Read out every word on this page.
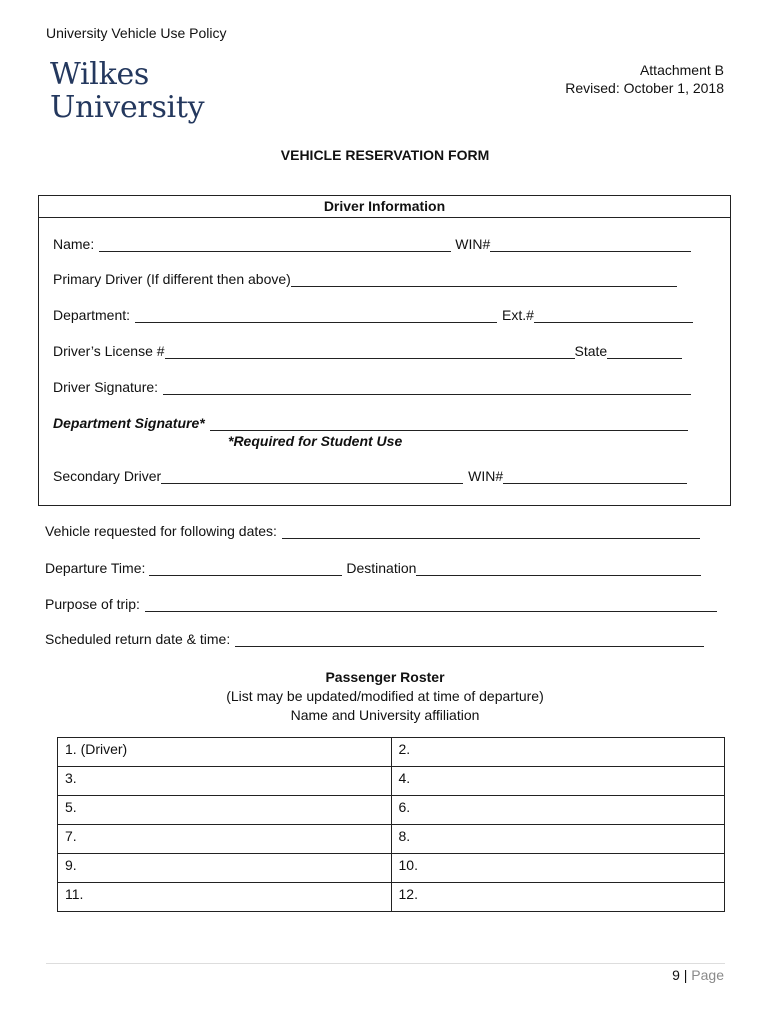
University Vehicle Use Policy
Wilkes
University
Attachment B
Revised: October 1, 2018
VEHICLE RESERVATION FORM
Driver Information
Name:	WIN#
Primary Driver (If different then above)
Department:	Ext.#
Driver’s License #	State
Driver Signature:
Department Signature*
*Required for Student Use
Secondary Driver	WIN#
Vehicle requested for following dates:
Departure Time:	Destination
Purpose of trip:
Scheduled return date & time:
Passenger Roster
(List may be updated/modified at time of departure)
Name and University affiliation
1. (Driver)	2.
3.	4.
5.	6.
7.	8.
9.	10.
11.	12.
9 | Page
